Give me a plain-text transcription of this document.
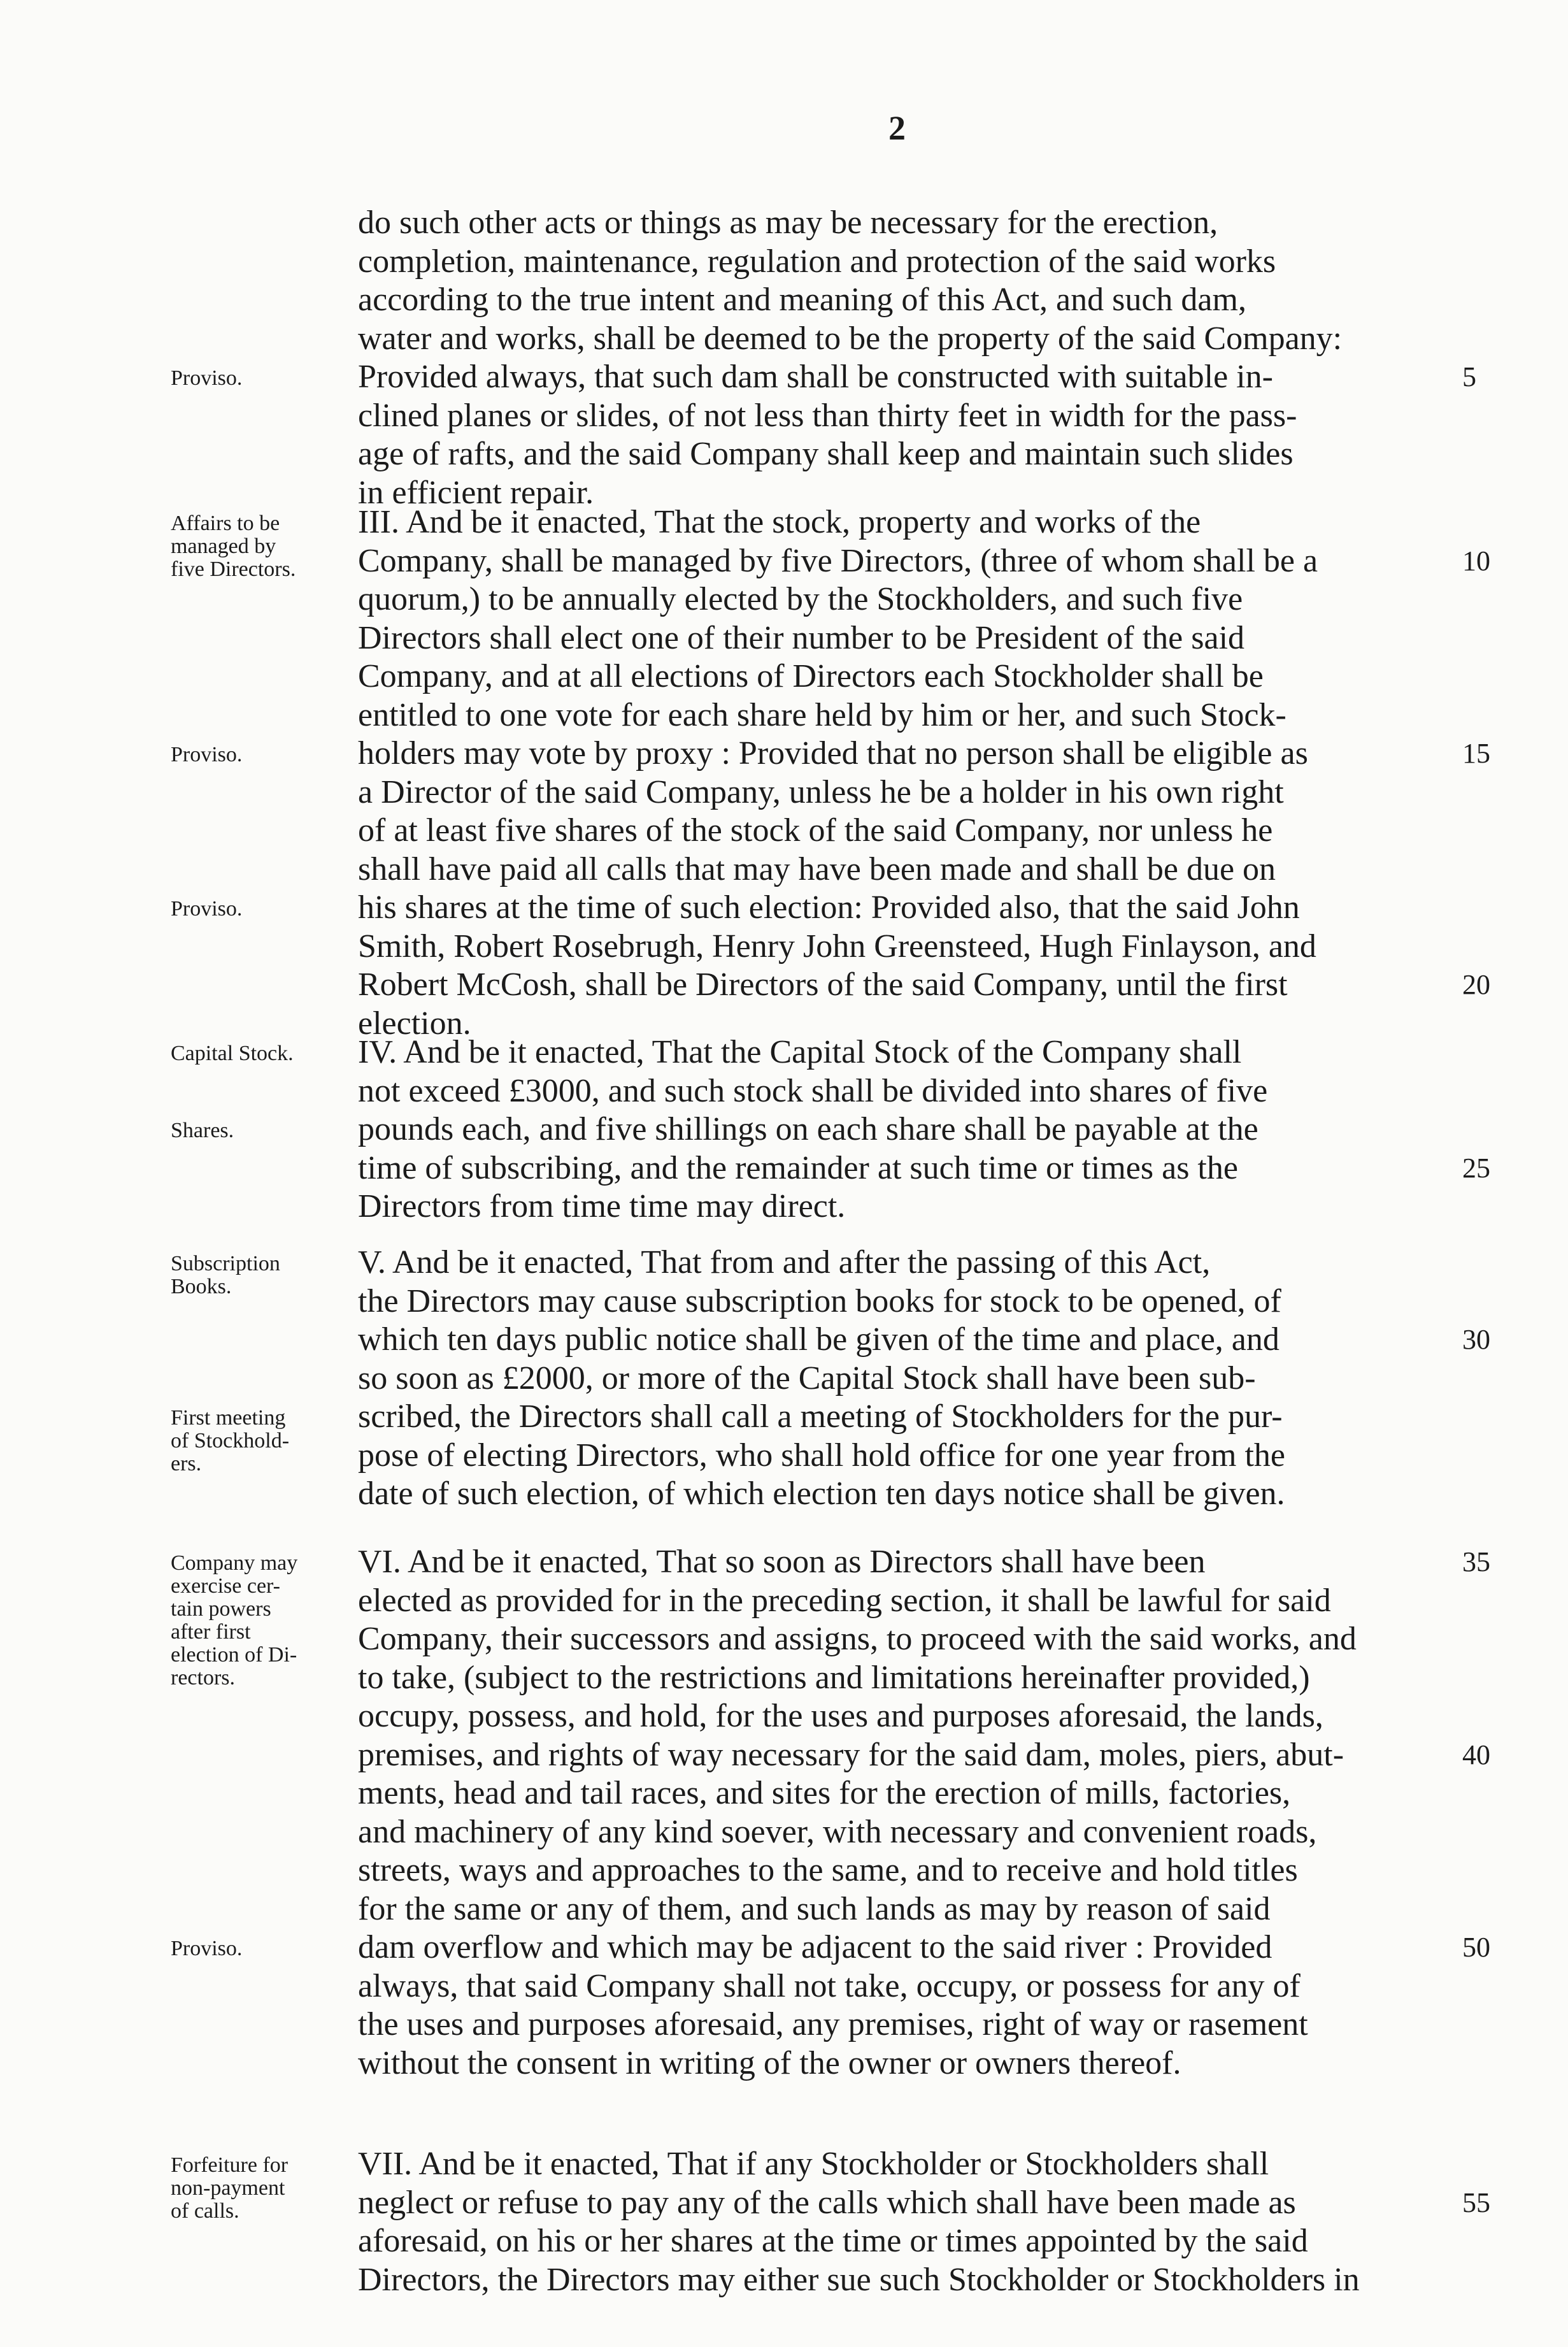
2
do such other acts or things as may be necessary for the erection,
completion, maintenance, regulation and protection of the said works
according to the true intent and meaning of this Act, and such dam,
water and works, shall be deemed to be the property of the said Company:
Provided always, that such dam shall be constructed with suitable in-
clined planes or slides, of not less than thirty feet in width for the pass-
age of rafts, and the said Company shall keep and maintain such slides
in efficient repair.
5
Proviso.
III. And be it enacted, That the stock, property and works of the
Company, shall be managed by five Directors, (three of whom shall be a
quorum,) to be annually elected by the Stockholders, and such five
Directors shall elect one of their number to be President of the said
Company, and at all elections of Directors each Stockholder shall be
entitled to one vote for each share held by him or her, and such Stock-
holders may vote by proxy : Provided that no person shall be eligible as
a Director of the said Company, unless he be a holder in his own right
of at least five shares of the stock of the said Company, nor unless he
shall have paid all calls that may have been made and shall be due on
his shares at the time of such election: Provided also, that the said John
Smith, Robert Rosebrugh, Henry John Greensteed, Hugh Finlayson, and
Robert McCosh, shall be Directors of the said Company, until the first
election.
10
15
20
Affairs to be
managed by
five Directors.
Proviso.
Proviso.
IV. And be it enacted, That the Capital Stock of the Company shall
not exceed £3000, and such stock shall be divided into shares of five
pounds each, and five shillings on each share shall be payable at the
time of subscribing, and the remainder at such time or times as the
Directors from time time may direct.
25
Capital Stock.
Shares.
V. And be it enacted, That from and after the passing of this Act,
the Directors may cause subscription books for stock to be opened, of
which ten days public notice shall be given of the time and place, and
so soon as £2000, or more of the Capital Stock shall have been sub-
scribed, the Directors shall call a meeting of Stockholders for the pur-
pose of electing Directors, who shall hold office for one year from the
date of such election, of which election ten days notice shall be given.
30
Subscription
Books.
First meeting
of Stockhold-
ers.
VI. And be it enacted, That so soon as Directors shall have been
elected as provided for in the preceding section, it shall be lawful for said
Company, their successors and assigns, to proceed with the said works, and
to take, (subject to the restrictions and limitations hereinafter provided,)
occupy, possess, and hold, for the uses and purposes aforesaid, the lands,
premises, and rights of way necessary for the said dam, moles, piers, abut-
ments, head and tail races, and sites for the erection of mills, factories,
and machinery of any kind soever, with necessary and convenient roads,
streets, ways and approaches to the same, and to receive and hold titles
for the same or any of them, and such lands as may by reason of said
dam overflow and which may be adjacent to the said river : Provided
always, that said Company shall not take, occupy, or possess for any of
the uses and purposes aforesaid, any premises, right of way or rasement
without the consent in writing of the owner or owners thereof.
35
40
50
Company may
exercise cer-
tain powers
after first
election of Di-
rectors.
Proviso.
VII. And be it enacted, That if any Stockholder or Stockholders shall
neglect or refuse to pay any of the calls which shall have been made as
aforesaid, on his or her shares at the time or times appointed by the said
Directors, the Directors may either sue such Stockholder or Stockholders in
55
Forfeiture for
non-payment
of calls.
